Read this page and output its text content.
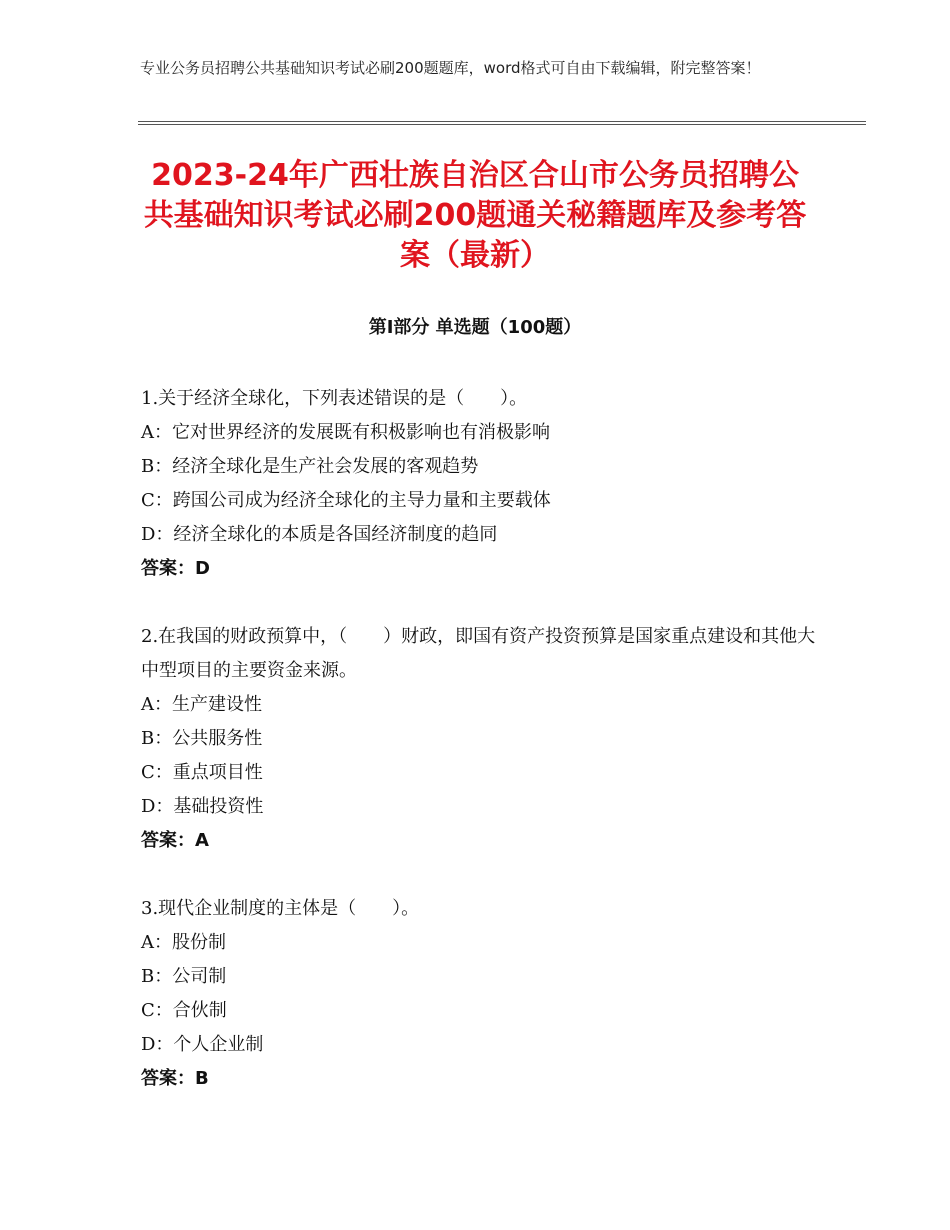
专业公务员招聘公共基础知识考试必刷200题题库，word格式可自由下载编辑，附完整答案！
2023-24年广西壮族自治区合山市公务员招聘公共基础知识考试必刷200题通关秘籍题库及参考答案（最新）
第Ⅰ部分 单选题（100题）

1.关于经济全球化，下列表述错误的是（　　）。

A：它对世界经济的发展既有积极影响也有消极影响

B：经济全球化是生产社会发展的客观趋势

C：跨国公司成为经济全球化的主导力量和主要载体

D：经济全球化的本质是各国经济制度的趋同

答案：D

2.在我国的财政预算中，（　　）财政，即国有资产投资预算是国家重点建设和其他大中型项目的主要资金来源。

A：生产建设性

B：公共服务性

C：重点项目性

D：基础投资性

答案：A

3.现代企业制度的主体是（　　）。

A：股份制

B：公司制

C：合伙制

D：个人企业制

答案：B
